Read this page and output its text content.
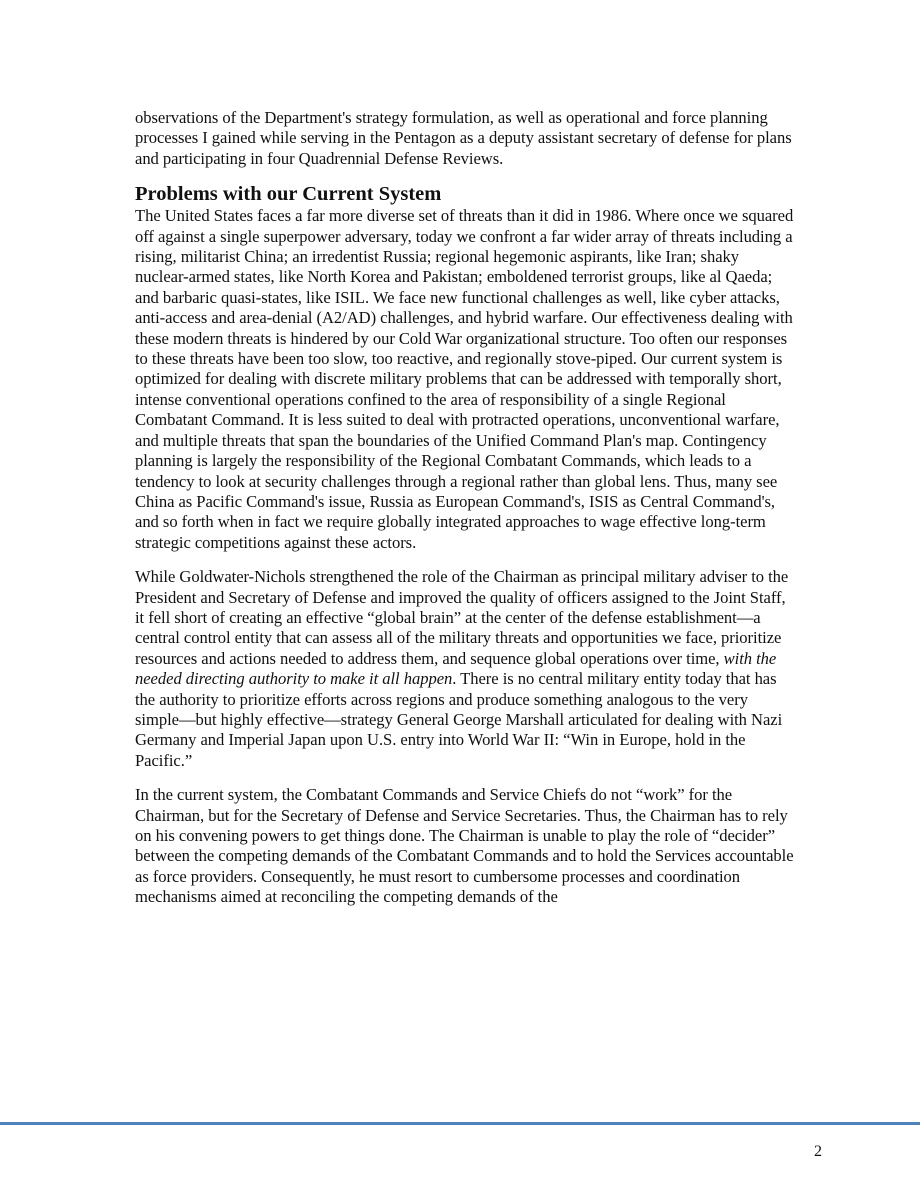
observations of the Department's strategy formulation, as well as operational and force planning processes I gained while serving in the Pentagon as a deputy assistant secretary of defense for plans and participating in four Quadrennial Defense Reviews.

Problems with our Current System

The United States faces a far more diverse set of threats than it did in 1986. Where once we squared off against a single superpower adversary, today we confront a far wider array of threats including a rising, militarist China; an irredentist Russia; regional hegemonic aspirants, like Iran; shaky nuclear-armed states, like North Korea and Pakistan; emboldened terrorist groups, like al Qaeda; and barbaric quasi-states, like ISIL. We face new functional challenges as well, like cyber attacks, anti-access and area-denial (A2/AD) challenges, and hybrid warfare. Our effectiveness dealing with these modern threats is hindered by our Cold War organizational structure. Too often our responses to these threats have been too slow, too reactive, and regionally stove-piped. Our current system is optimized for dealing with discrete military problems that can be addressed with temporally short, intense conventional operations confined to the area of responsibility of a single Regional Combatant Command. It is less suited to deal with protracted operations, unconventional warfare, and multiple threats that span the boundaries of the Unified Command Plan's map. Contingency planning is largely the responsibility of the Regional Combatant Commands, which leads to a tendency to look at security challenges through a regional rather than global lens. Thus, many see China as Pacific Command's issue, Russia as European Command's, ISIS as Central Command's, and so forth when in fact we require globally integrated approaches to wage effective long-term strategic competitions against these actors.

While Goldwater-Nichols strengthened the role of the Chairman as principal military adviser to the President and Secretary of Defense and improved the quality of officers assigned to the Joint Staff, it fell short of creating an effective “global brain” at the center of the defense establishment—a central control entity that can assess all of the military threats and opportunities we face, prioritize resources and actions needed to address them, and sequence global operations over time, with the needed directing authority to make it all happen. There is no central military entity today that has the authority to prioritize efforts across regions and produce something analogous to the very simple—but highly effective—strategy General George Marshall articulated for dealing with Nazi Germany and Imperial Japan upon U.S. entry into World War II: “Win in Europe, hold in the Pacific.”

In the current system, the Combatant Commands and Service Chiefs do not “work” for the Chairman, but for the Secretary of Defense and Service Secretaries. Thus, the Chairman has to rely on his convening powers to get things done. The Chairman is unable to play the role of “decider” between the competing demands of the Combatant Commands and to hold the Services accountable as force providers. Consequently, he must resort to cumbersome processes and coordination mechanisms aimed at reconciling the competing demands of the

2
